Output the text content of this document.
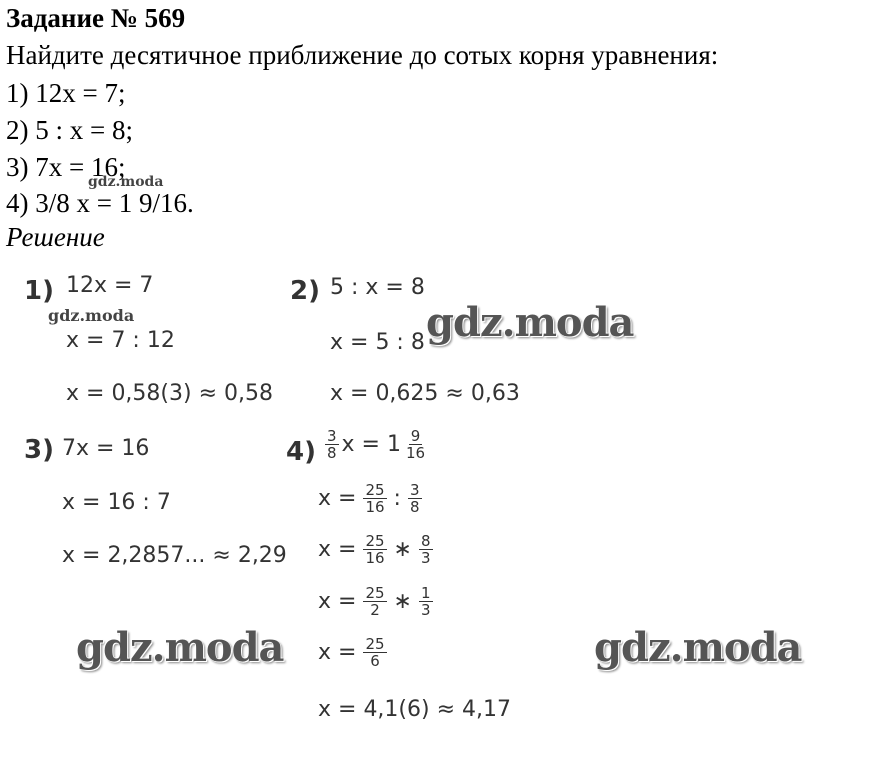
Задание № 569
Найдите десятичное приближение до сотых корня уравнения:
1) 12x = 7;
2) 5 : x = 8;
3) 7x = 16;
4) 3/8 x = 1 9/16.
Решение
1) 12x = 7
x = 7 : 12
x = 0,58(3) ≈ 0,58
2) 5 : x = 8
x = 5 : 8
x = 0,625 ≈ 0,63
3) 7x = 16
x = 16 : 7
x = 2,2857... ≈ 2,29
$4) \frac{3}{8}$ $x = 1 \frac{9}{16}$
$x = \frac{25}{16}$ : $\frac{3}{8}$
$x = \frac{25}{16}$ ∗ $\frac{8}{3}$
$x = \frac{25}{2}$ ∗ $\frac{1}{3}$
$x = \frac{25}{6}$
x = 4,1(6) ≈ 4,17
gdz.moda
gdz.moda	gdz.moda
gdz.moda	gdz.moda
